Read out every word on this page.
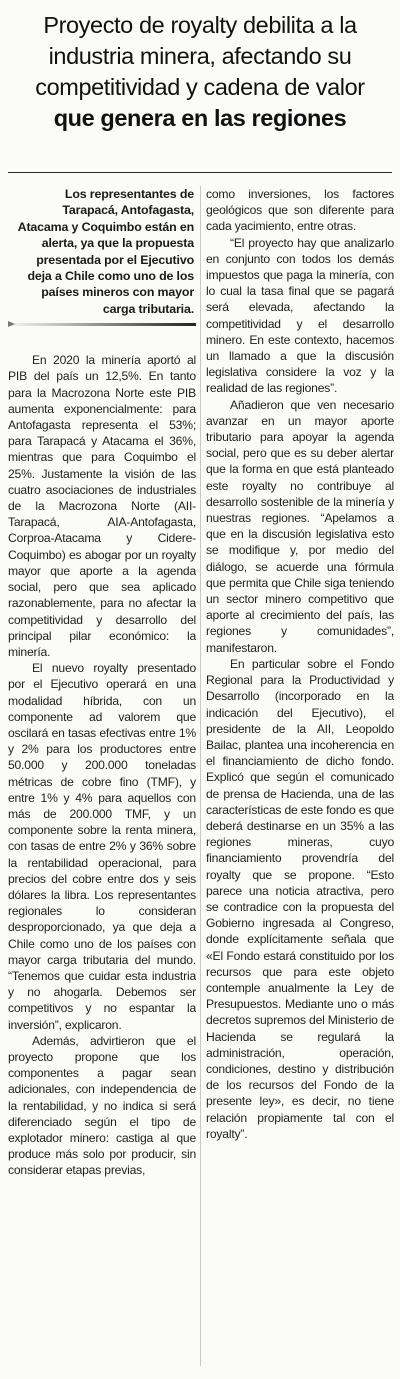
Proyecto de royalty debilita a la
industria minera, afectando su
competitividad y cadena de valor
que genera en las regiones
Los representantes de Tarapacá, Antofagasta, Atacama y Coquimbo están en alerta, ya que la propuesta presentada por el Ejecutivo deja a Chile como uno de los países mineros con mayor carga tributaria.

En 2020 la minería aportó al PIB del país un 12,5%. En tanto para la Macrozona Norte este PIB aumenta exponencialmente: para Antofagasta representa el 53%; para Tarapacá y Atacama el 36%, mientras que para Coquimbo el 25%. Justamente la visión de las cuatro asociaciones de industriales de la Macrozona Norte (AII-Tarapacá, AIA-Antofagasta, Corproa-Atacama y Cidere-Coquimbo) es abogar por un royalty mayor que aporte a la agenda social, pero que sea aplicado razonablemente, para no afectar la competitividad y desarrollo del principal pilar económico: la minería.

El nuevo royalty presentado por el Ejecutivo operará en una modalidad híbrida, con un componente ad valorem que oscilará en tasas efectivas entre 1% y 2% para los productores entre 50.000 y 200.000 toneladas métricas de cobre fino (TMF), y entre 1% y 4% para aquellos con más de 200.000 TMF, y un componente sobre la renta minera, con tasas de entre 2% y 36% sobre la rentabilidad operacional, para precios del cobre entre dos y seis dólares la libra. Los representantes regionales lo consideran desproporcionado, ya que deja a Chile como uno de los países con mayor carga tributaria del mundo. “Tenemos que cuidar esta industria y no ahogarla. Debemos ser competitivos y no espantar la inversión”, explicaron.

Además, advirtieron que el proyecto propone que los componentes a pagar sean adicionales, con independencia de la rentabilidad, y no indica si será diferenciado según el tipo de explotador minero: castiga al que produce más solo por producir, sin considerar etapas previas,

como inversiones, los factores geológicos que son diferente para cada yacimiento, entre otras.

“El proyecto hay que analizarlo en conjunto con todos los demás impuestos que paga la minería, con lo cual la tasa final que se pagará será elevada, afectando la competitividad y el desarrollo minero. En este contexto, hacemos un llamado a que la discusión legislativa considere la voz y la realidad de las regiones”.

Añadieron que ven necesario avanzar en un mayor aporte tributario para apoyar la agenda social, pero que es su deber alertar que la forma en que está planteado este royalty no contribuye al desarrollo sostenible de la minería y nuestras regiones. “Apelamos a que en la discusión legislativa esto se modifique y, por medio del diálogo, se acuerde una fórmula que permita que Chile siga teniendo un sector minero competitivo que aporte al crecimiento del país, las regiones y comunidades”, manifestaron.

En particular sobre el Fondo Regional para la Productividad y Desarrollo (incorporado en la indicación del Ejecutivo), el presidente de la AII, Leopoldo Bailac, plantea una incoherencia en el financiamiento de dicho fondo. Explicó que según el comunicado de prensa de Hacienda, una de las características de este fondo es que deberá destinarse en un 35% a las regiones mineras, cuyo financiamiento provendría del royalty que se propone. “Esto parece una noticia atractiva, pero se contradice con la propuesta del Gobierno ingresada al Congreso, donde explícitamente señala que «El Fondo estará constituido por los recursos que para este objeto contemple anualmente la Ley de Presupuestos. Mediante uno o más decretos supremos del Ministerio de Hacienda se regulará la administración, operación, condiciones, destino y distribución de los recursos del Fondo de la presente ley», es decir, no tiene relación propiamente tal con el royalty”.
